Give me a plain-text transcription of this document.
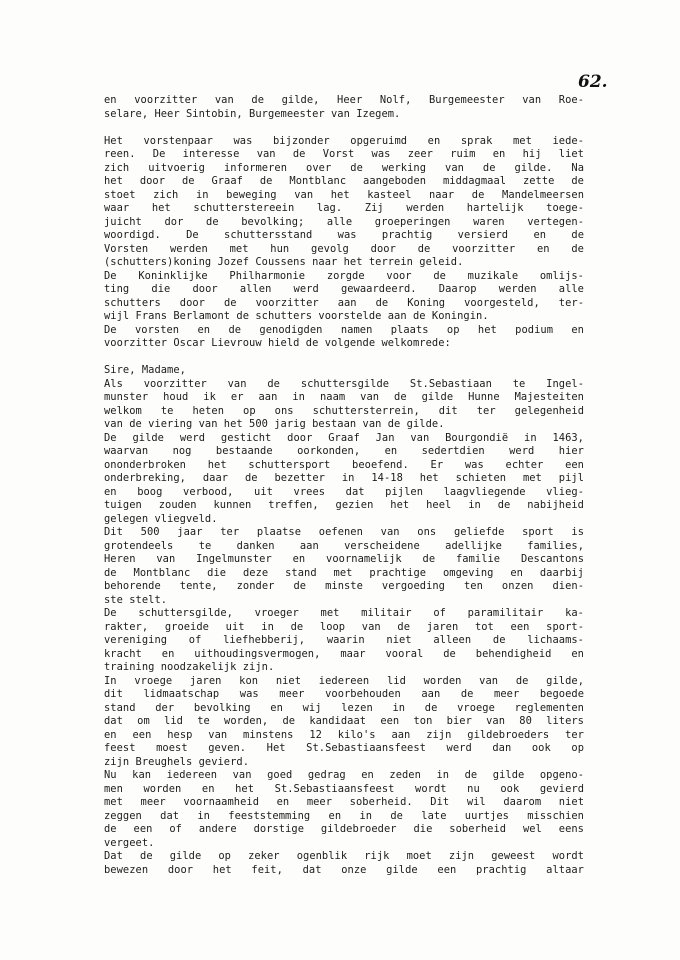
62.
en voorzitter van de gilde, Heer Nolf, Burgemeester van Roe-
selare, Heer Sintobin, Burgemeester van Izegem.
Het vorstenpaar was bijzonder opgeruimd en sprak met iede-
reen. De interesse van de Vorst was zeer ruim en hij liet
zich uitvoerig informeren over de werking van de gilde. Na
het door de Graaf de Montblanc aangeboden middagmaal zette de
stoet zich in beweging van het kasteel naar de Mandelmeersen
waar het schutterstereein lag. Zij werden hartelijk toege-
juicht dor de bevolking; alle groeperingen waren vertegen-
woordigd. De schuttersstand was prachtig versierd en de
Vorsten werden met hun gevolg door de voorzitter en de
(schutters)koning Jozef Coussens naar het terrein geleid.
De Koninklijke Philharmonie zorgde voor de muzikale omlijs-
ting die door allen werd gewaardeerd. Daarop werden alle
schutters door de voorzitter aan de Koning voorgesteld, ter-
wijl Frans Berlamont de schutters voorstelde aan de Koningin.
De vorsten en de genodigden namen plaats op het podium en
voorzitter Oscar Lievrouw hield de volgende welkomrede:
Sire, Madame,
Als voorzitter van de schuttersgilde St.Sebastiaan te Ingel-
munster houd ik er aan in naam van de gilde Hunne Majesteiten
welkom te heten op ons schuttersterrein, dit ter gelegenheid
van de viering van het 500 jarig bestaan van de gilde.
De gilde werd gesticht door Graaf Jan van Bourgondië in 1463,
waarvan nog bestaande oorkonden, en sedertdien werd hier
ononderbroken het schuttersport beoefend. Er was echter een
onderbreking, daar de bezetter in 14-18 het schieten met pijl
en boog verbood, uit vrees dat pijlen laagvliegende vlieg-
tuigen zouden kunnen treffen, gezien het heel in de nabijheid
gelegen vliegveld.
Dit 500 jaar ter plaatse oefenen van ons geliefde sport is
grotendeels te danken aan verscheidene adellijke families,
Heren van Ingelmunster en voornamelijk de familie Descantons
de Montblanc die deze stand met prachtige omgeving en daarbij
behorende tente, zonder de minste vergoeding ten onzen dien-
ste stelt.
De schuttersgilde, vroeger met militair of paramilitair ka-
rakter, groeide uit in de loop van de jaren tot een sport-
vereniging of liefhebberij, waarin niet alleen de lichaams-
kracht en uithoudingsvermogen, maar vooral de behendigheid en
training noodzakelijk zijn.
In vroege jaren kon niet iedereen lid worden van de gilde,
dit lidmaatschap was meer voorbehouden aan de meer begoede
stand der bevolking en wij lezen in de vroege reglementen
dat om lid te worden, de kandidaat een ton bier van 80 liters
en een hesp van minstens 12 kilo's aan zijn gildebroeders ter
feest moest geven. Het St.Sebastiaansfeest werd dan ook op
zijn Breughels gevierd.
Nu kan iedereen van goed gedrag en zeden in de gilde opgeno-
men worden en het St.Sebastiaansfeest wordt nu ook gevierd
met meer voornaamheid en meer soberheid. Dit wil daarom niet
zeggen dat in feeststemming en in de late uurtjes misschien
de een of andere dorstige gildebroeder die soberheid wel eens
vergeet.
Dat de gilde op zeker ogenblik rijk moet zijn geweest wordt
bewezen door het feit, dat onze gilde een prachtig altaar
